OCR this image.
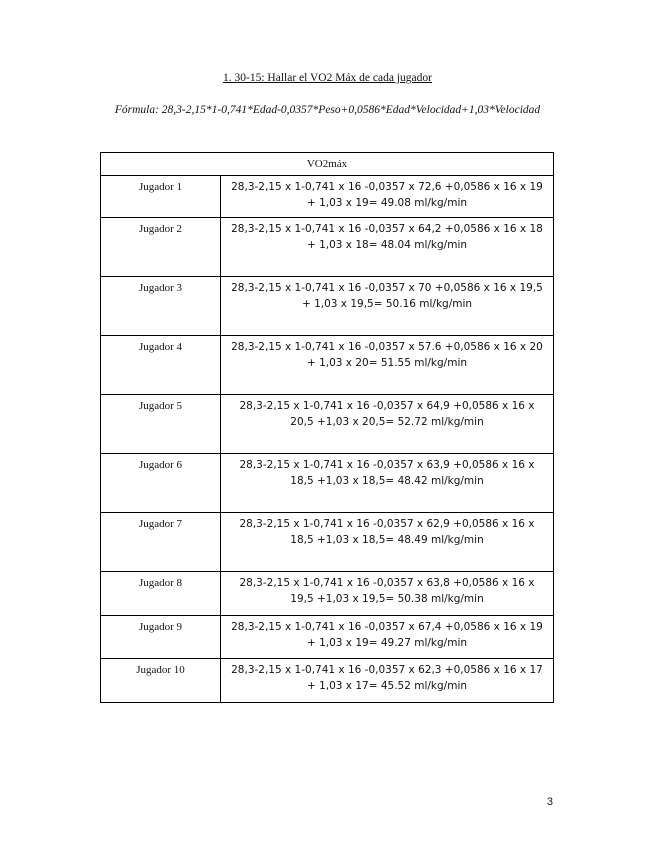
1. 30-15: Hallar el VO2 Máx de cada jugador
Fórmula: 28,3-2,15*1-0,741*Edad-0,0357*Peso+0,0586*Edad*Velocidad+1,03*Velocidad
VO2máx	
Jugador 1	28,3-2,15 x 1-0,741 x 16 -0,0357 x 72,6 +0,0586 x 16 x 19 + 1,03 x 19= 49.08 ml/kg/min
Jugador 2	28,3-2,15 x 1-0,741 x 16 -0,0357 x 64,2 +0,0586 x 16 x 18 + 1,03 x 18= 48.04 ml/kg/min
Jugador 3	28,3-2,15 x 1-0,741 x 16 -0,0357 x 70 +0,0586 x 16 x 19,5 + 1,03 x 19,5= 50.16 ml/kg/min
Jugador 4	28,3-2,15 x 1-0,741 x 16 -0,0357 x 57.6 +0,0586 x 16 x 20 + 1,03 x 20= 51.55 ml/kg/min
Jugador 5	28,3-2,15 x 1-0,741 x 16 -0,0357 x 64,9 +0,0586 x 16 x 20,5 +1,03 x 20,5= 52.72 ml/kg/min
Jugador 6	28,3-2,15 x 1-0,741 x 16 -0,0357 x 63,9 +0,0586 x 16 x 18,5 +1,03 x 18,5= 48.42 ml/kg/min
Jugador 7	28,3-2,15 x 1-0,741 x 16 -0,0357 x 62,9 +0,0586 x 16 x 18,5 +1,03 x 18,5= 48.49 ml/kg/min
Jugador 8	28,3-2,15 x 1-0,741 x 16 -0,0357 x 63,8 +0,0586 x 16 x 19,5 +1,03 x 19,5= 50.38 ml/kg/min
Jugador 9	28,3-2,15 x 1-0,741 x 16 -0,0357 x 67,4 +0,0586 x 16 x 19 + 1,03 x 19= 49.27 ml/kg/min
Jugador 10	28,3-2,15 x 1-0,741 x 16 -0,0357 x 62,3 +0,0586 x 16 x 17 + 1,03 x 17= 45.52 ml/kg/min
3
